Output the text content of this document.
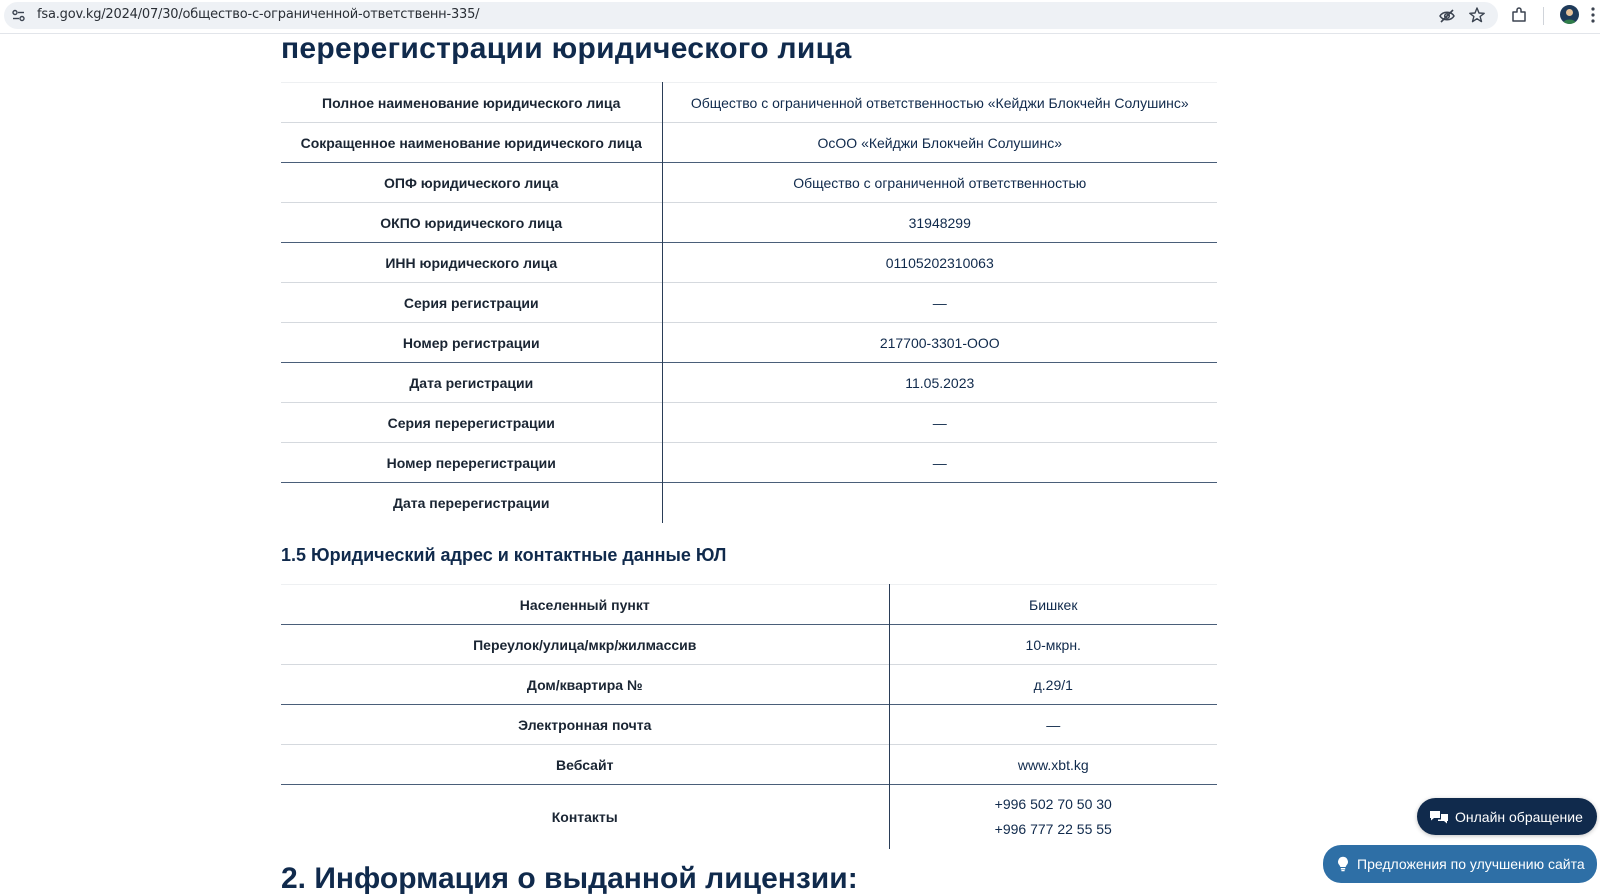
fsa.gov.kg/2024/07/30/общество-с-ограниченной-ответственн-335/
перерегистрации юридического лица
Полное наименование юридического лица	Общество с ограниченной ответственностью «Кейджи Блокчейн Солушинс»
Сокращенное наименование юридического лица	ОсОО «Кейджи Блокчейн Солушинс»
ОПФ юридического лица	Общество с ограниченной ответственностью
ОКПО юридического лица	31948299
ИНН юридического лица	01105202310063
Серия регистрации	—
Номер регистрации	217700-3301-ООО
Дата регистрации	11.05.2023
Серия перерегистрации	—
Номер перерегистрации	—
Дата перерегистрации	
1.5 Юридический адрес и контактные данные ЮЛ
Населенный пункт	Бишкек
Переулок/улица/мкр/жилмассив	10-мкрн.
Дом/квартира №	д.29/1
Электронная почта	—
Вебсайт	www.xbt.kg
Контакты	+996 502 70 50 30
+996 777 22 55 55
2. Информация о выданной лицензии:
Онлайн обращение
Предложения по улучшению сайта
